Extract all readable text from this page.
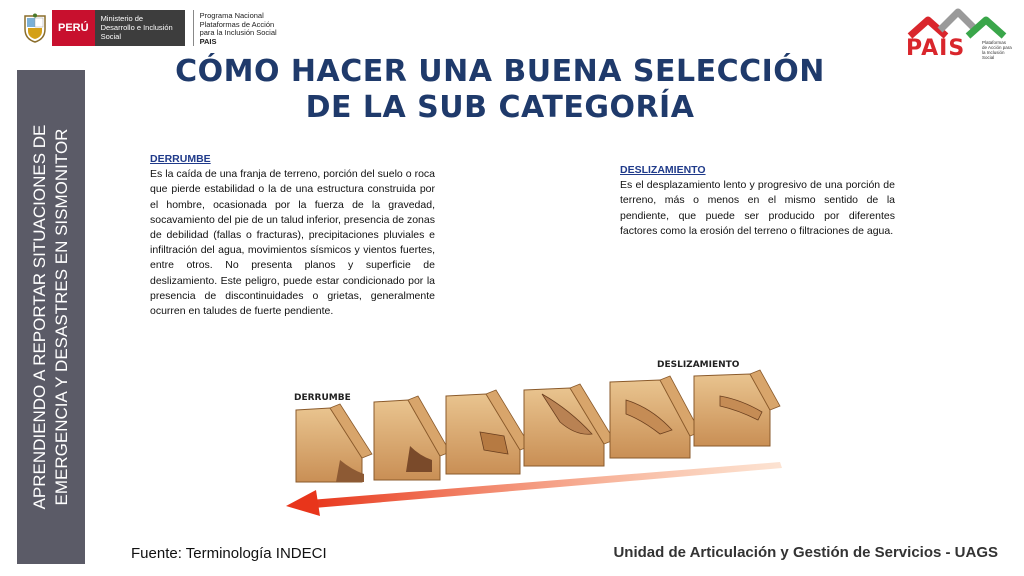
PERÚ
Ministerio de Desarrollo e Inclusión Social
Programa Nacional
Plataformas de Acción
para la Inclusión Social
PAIS	PAIS	Plataformas de Acción para la Inclusión Social
CÓMO HACER UNA BUENA SELECCIÓN
DE LA SUB CATEGORÍA
APRENDIENDO A REPORTAR SITUACIONES DE EMERGENCIA Y DESASTRES EN SISMONITOR	DERRUMBE
Es la caída de una franja de terreno, porción del suelo o roca que pierde estabilidad o la de una estructura construida por el hombre, ocasionada por la fuerza de la gravedad, socavamiento del pie de un talud inferior, presencia de zonas de debilidad (fallas o fracturas), precipitaciones pluviales e infiltración del agua, movimientos sísmicos y vientos fuertes, entre otros. No presenta planos y superficie de deslizamiento. Este peligro, puede estar condicionado por la presencia de discontinuidades o grietas, generalmente ocurren en taludes de fuerte pendiente.
DESLIZAMIENTO
Es el desplazamiento lento y progresivo de una porción de terreno, más o menos en el mismo sentido de la pendiente, que puede ser producido por diferentes factores como la erosión del terreno o filtraciones de agua.
DERRUMBE
DESLIZAMIENTO
Fuente: Terminología INDECI	Unidad de Articulación y Gestión de Servicios - UAGS
